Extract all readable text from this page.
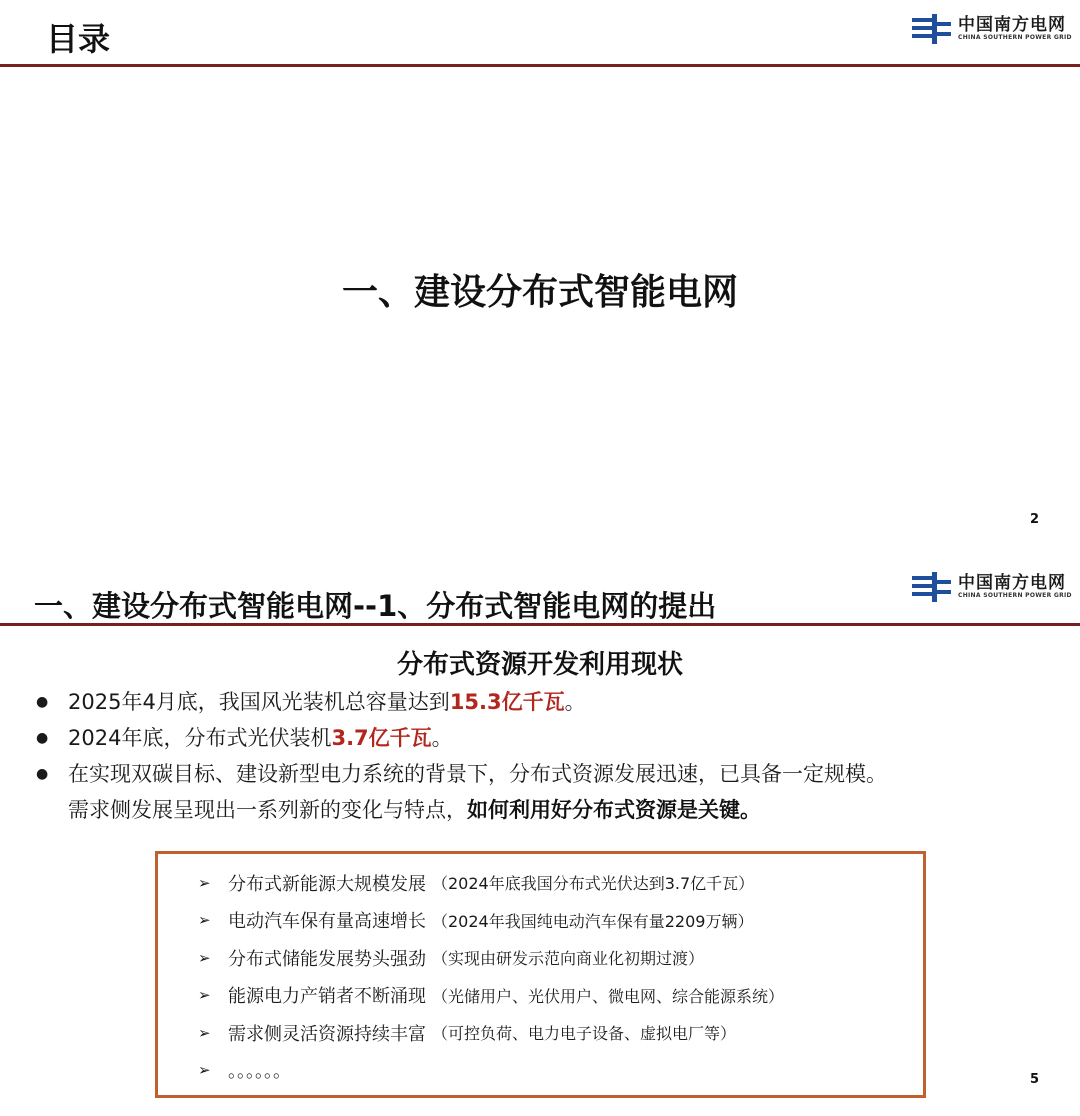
目录	中国南方电网
CHINA SOUTHERN POWER GRID
一、建设分布式智能电网
2
中国南方电网
CHINA SOUTHERN POWER GRID
一、建设分布式智能电网--1、分布式智能电网的提出
分布式资源开发利用现状
● 2025年4月底，我国风光装机总容量达到15.3亿千瓦。
● 2024年底，分布式光伏装机3.7亿千瓦。
● 在实现双碳目标、建设新型电力系统的背景下，分布式资源发展迅速，已具备一定规模。
需求侧发展呈现出一系列新的变化与特点，如何利用好分布式资源是关键。
➢ 分布式新能源大规模发展 （2024年底我国分布式光伏达到3.7亿千瓦）
➢ 电动汽车保有量高速增长 （2024年我国纯电动汽车保有量2209万辆）
➢ 分布式储能发展势头强劲 （实现由研发示范向商业化初期过渡）
➢ 能源电力产销者不断涌现 （光储用户、光伏用户、微电网、综合能源系统）
➢ 需求侧灵活资源持续丰富 （可控负荷、电力电子设备、虚拟电厂等）
➢ 。。。。。。	5
